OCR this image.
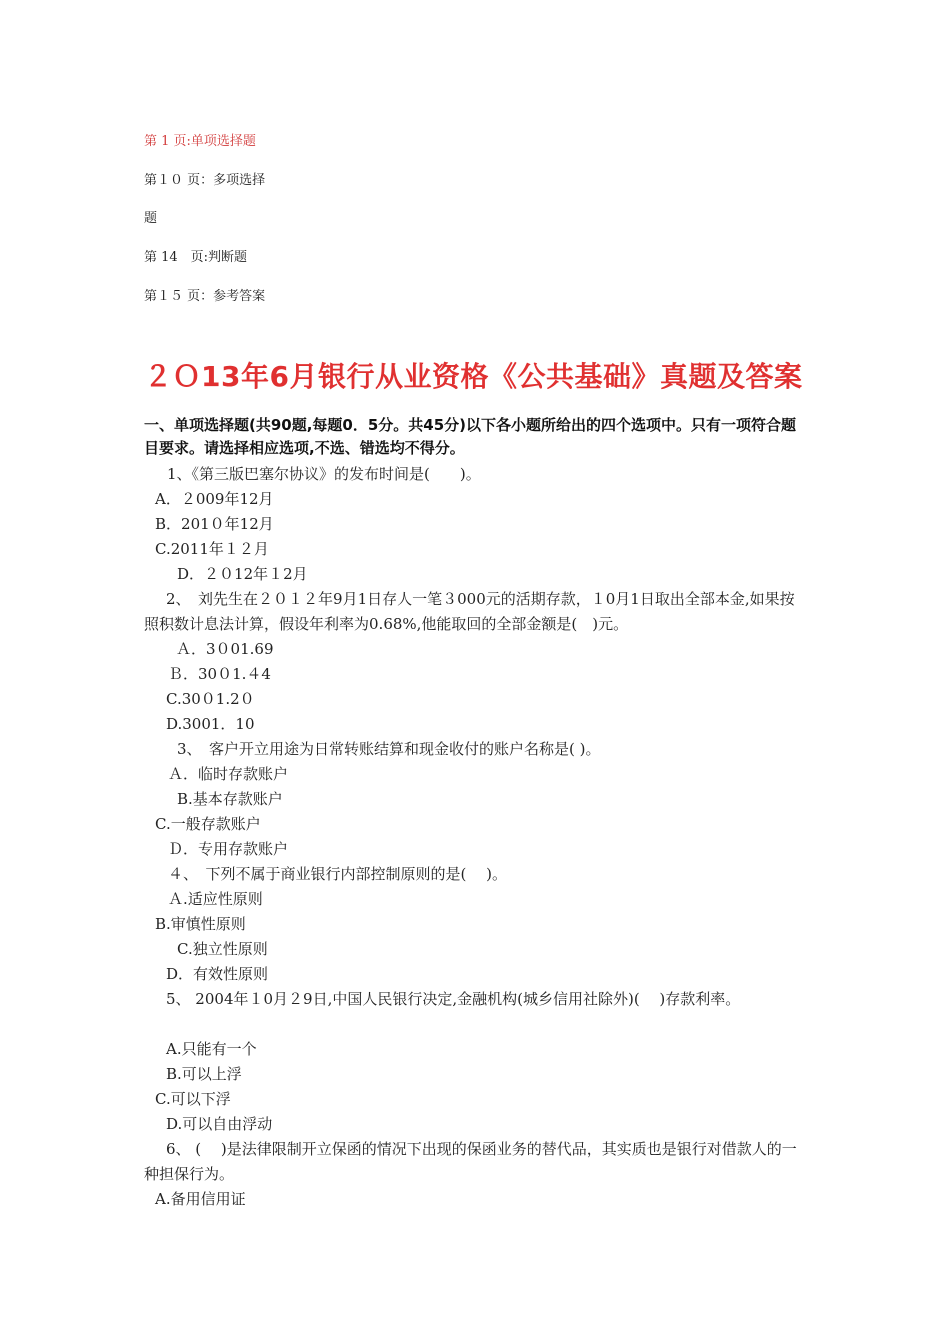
第 1 页:单项选择题
第１０ 页：多项选择
题
第 14　页:判断题
第１５ 页：参考答案
２Ｏ13年6月银行从业资格《公共基础》真题及答案
一、单项选择题(共90题,每题0．5分。共45分)以下各小题所给出的四个选项中。只有一项符合题目要求。请选择相应选项,不选、错选均不得分。
1、《第三版巴塞尔协议》的发布时间是(　　)。
A．２009年12月
B．201０年12月
C.2011年１２月
D．２０12年１2月
2、　刘先生在２０１２年9月1日存人一笔３000元的活期存款，１0月1日取出全部本金,如果按照积数计息法计算，假设年利率为0.68%,他能取回的全部金额是(　)元。
Ａ．3０01.69
Ｂ．30０1.４4
C.30０1.2０
D.3001．10
3、　客户开立用途为日常转账结算和现金收付的账户名称是( )。
Ａ．临时存款账户
B.基本存款账户
C.一般存款账户
Ｄ．专用存款账户
４、　下列不属于商业银行内部控制原则的是(　 )。
Ａ.适应性原则
B.审慎性原则
C.独立性原则
D．有效性原则
5、 2004年１0月２9日,中国人民银行决定,金融机构(城乡信用社除外)(　 )存款利率。
A.只能有一个
B.可以上浮
C.可以下浮
D.可以自由浮动
6、 (　 )是法律限制开立保函的情况下出现的保函业务的替代品，其实质也是银行对借款人的一种担保行为。
A.备用信用证
